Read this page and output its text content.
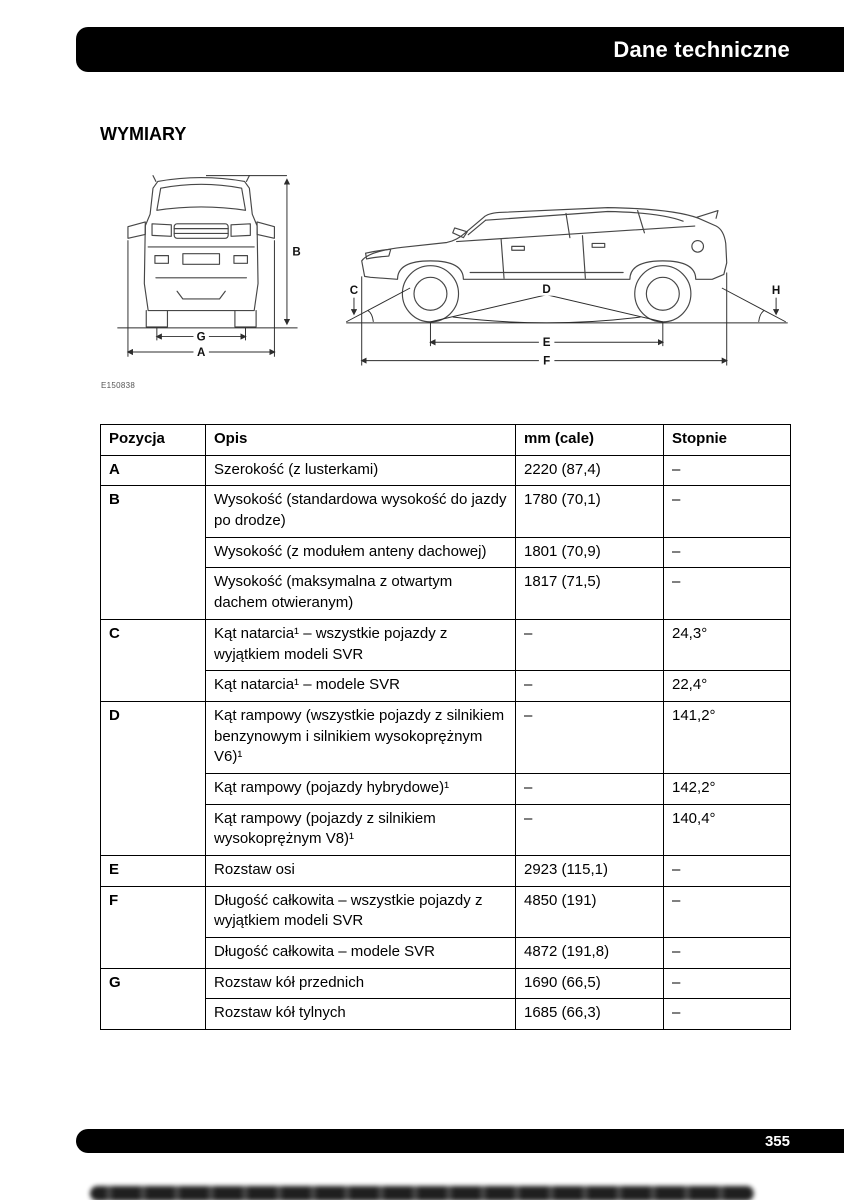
Dane techniczne
WYMIARY
G
A
B
C	H
D
E
F
E150838
Pozycja	Opis	mm (cale)	Stopnie
A	Szerokość (z lusterkami)	2220 (87,4)	–
B	Wysokość (standardowa wysokość do jazdy po drodze)	1780 (70,1)	–
	Wysokość (z modułem anteny dachowej)	1801 (70,9)	–
	Wysokość (maksymalna z otwartym dachem otwieranym)	1817 (71,5)	–
C	Kąt natarcia¹ – wszystkie pojazdy z wyjątkiem modeli SVR	–	24,3°
	Kąt natarcia¹ – modele SVR	–	22,4°
D	Kąt rampowy (wszystkie pojazdy z silnikiem benzynowym i silnikiem wysokoprężnym V6)¹	–	141,2°
	Kąt rampowy (pojazdy hybrydowe)¹	–	142,2°
	Kąt rampowy (pojazdy z silnikiem wysokoprężnym V8)¹	–	140,4°
E	Rozstaw osi	2923 (115,1)	–
F	Długość całkowita – wszystkie pojazdy z wyjątkiem modeli SVR	4850 (191)	–
	Długość całkowita – modele SVR	4872 (191,8)	–
G	Rozstaw kół przednich	1690 (66,5)	–
	Rozstaw kół tylnych	1685 (66,3)	–
355
